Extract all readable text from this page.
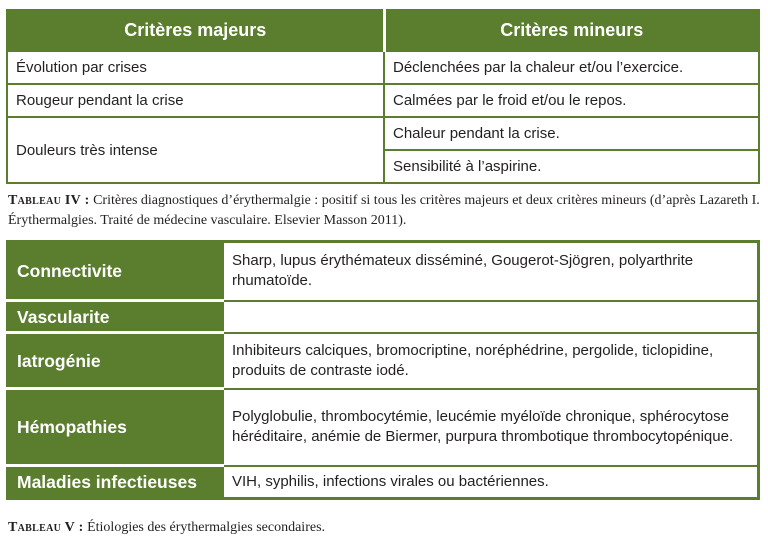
Critères majeurs	Critères mineurs
Évolution par crises	Déclenchées par la chaleur et/ou l’exercice.
Rougeur pendant la crise	Calmées par le froid et/ou le repos.
Douleurs très intense	Chaleur pendant la crise.
	Sensibilité à l’aspirine.
Tableau IV : Critères diagnostiques d’érythermalgie : positif si tous les critères majeurs et deux critères mineurs (d’après Lazareth I. Érythermalgies. Traité de médecine vasculaire. Elsevier Masson 2011).
Connectivite	Sharp, lupus érythémateux disséminé, Gougerot-Sjögren, polyarthrite rhumatoïde.
Vascularite	
Iatrogénie	Inhibiteurs calciques, bromocriptine, noréphédrine, pergolide, ticlopidine, produits de contraste iodé.
Hémopathies	Polyglobulie, thrombocytémie, leucémie myéloïde chronique, sphérocytose héréditaire, anémie de Biermer, purpura thrombotique thrombocytopénique.
Maladies infectieuses	VIH, syphilis, infections virales ou bactériennes.
Tableau V : Étiologies des érythermalgies secondaires.
